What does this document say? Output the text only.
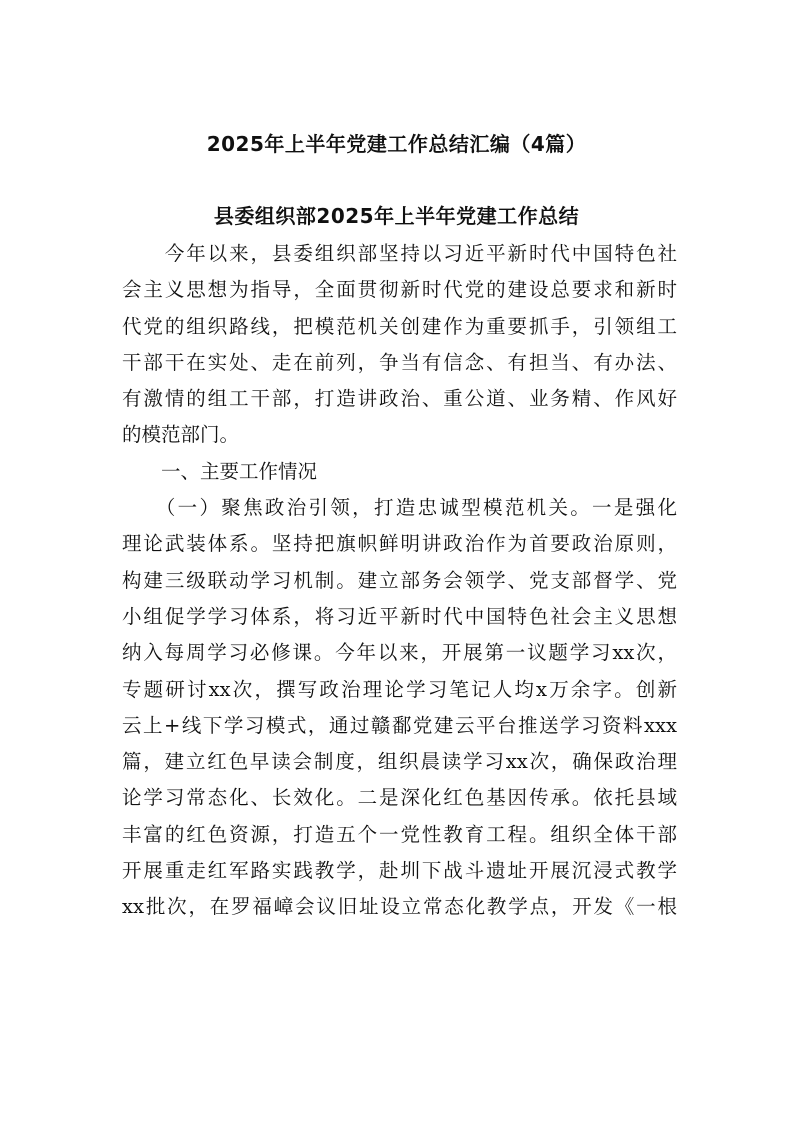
2025年上半年党建工作总结汇编（4篇）
县委组织部2025年上半年党建工作总结
　　今年以来，县委组织部坚持以习近平新时代中国特色社
会主义思想为指导，全面贯彻新时代党的建设总要求和新时
代党的组织路线，把模范机关创建作为重要抓手，引领组工
干部干在实处、走在前列，争当有信念、有担当、有办法、
有激情的组工干部，打造讲政治、重公道、业务精、作风好
的模范部门。
　　一、主要工作情况
　　（一）聚焦政治引领，打造忠诚型模范机关。一是强化
理论武装体系。坚持把旗帜鲜明讲政治作为首要政治原则，
构建三级联动学习机制。建立部务会领学、党支部督学、党
小组促学学习体系，将习近平新时代中国特色社会主义思想
纳入每周学习必修课。今年以来，开展第一议题学习xx次，
专题研讨xx次，撰写政治理论学习笔记人均x万余字。创新
云上+线下学习模式，通过赣鄱党建云平台推送学习资料xxx
篇，建立红色早读会制度，组织晨读学习xx次，确保政治理
论学习常态化、长效化。二是深化红色基因传承。依托县域
丰富的红色资源，打造五个一党性教育工程。组织全体干部
开展重走红军路实践教学，赴圳下战斗遗址开展沉浸式教学
xx批次，在罗福嶂会议旧址设立常态化教学点，开发《一根
